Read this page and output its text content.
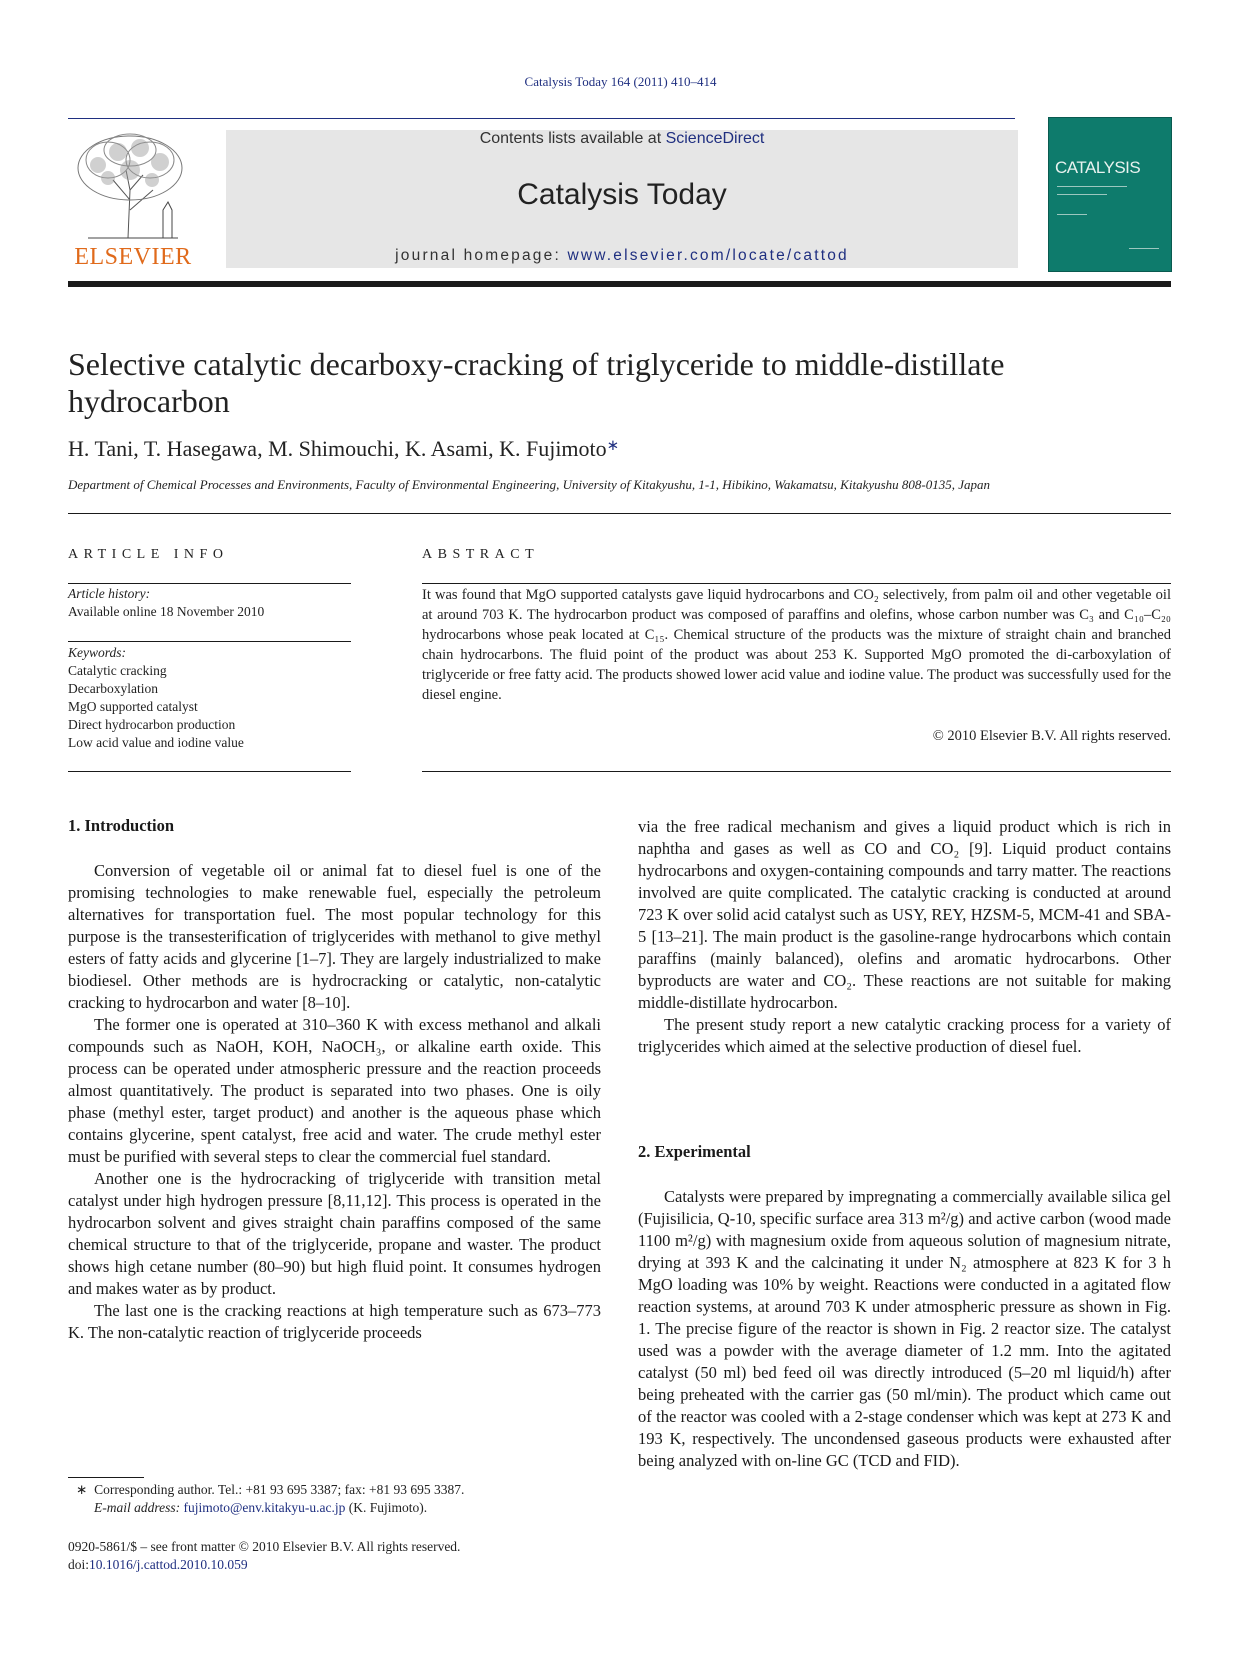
Catalysis Today 164 (2011) 410–414
ELSEVIER
Contents lists available at ScienceDirect
Catalysis Today
journal homepage: www.elsevier.com/locate/cattod
CATALYSIS
Selective catalytic decarboxy-cracking of triglyceride to middle-distillate hydrocarbon
H. Tani, T. Hasegawa, M. Shimouchi, K. Asami, K. Fujimoto∗
Department of Chemical Processes and Environments, Faculty of Environmental Engineering, University of Kitakyushu, 1-1, Hibikino, Wakamatsu, Kitakyushu 808-0135, Japan
ARTICLE INFO	ABSTRACT
Article history:
Available online 18 November 2010
Keywords:
Catalytic cracking
Decarboxylation
MgO supported catalyst
Direct hydrocarbon production
Low acid value and iodine value
It was found that MgO supported catalysts gave liquid hydrocarbons and CO₂ selectively, from palm oil and other vegetable oil at around 703 K. The hydrocarbon product was composed of paraffins and olefins, whose carbon number was C₃ and C₁₀–C₂₀ hydrocarbons whose peak located at C₁₅. Chemical structure of the products was the mixture of straight chain and branched chain hydrocarbons. The fluid point of the product was about 253 K. Supported MgO promoted the di-carboxylation of triglyceride or free fatty acid. The products showed lower acid value and iodine value. The product was successfully used for the diesel engine.
© 2010 Elsevier B.V. All rights reserved.
1. Introduction

Conversion of vegetable oil or animal fat to diesel fuel is one of the promising technologies to make renewable fuel, especially the petroleum alternatives for transportation fuel. The most popular technology for this purpose is the transesterification of triglycerides with methanol to give methyl esters of fatty acids and glycerine [1–7]. They are largely industrialized to make biodiesel. Other methods are is hydrocracking or catalytic, non-catalytic cracking to hydrocarbon and water [8–10].

The former one is operated at 310–360 K with excess methanol and alkali compounds such as NaOH, KOH, NaOCH₃, or alkaline earth oxide. This process can be operated under atmospheric pressure and the reaction proceeds almost quantitatively. The product is separated into two phases. One is oily phase (methyl ester, target product) and another is the aqueous phase which contains glycerine, spent catalyst, free acid and water. The crude methyl ester must be purified with several steps to clear the commercial fuel standard.

Another one is the hydrocracking of triglyceride with transition metal catalyst under high hydrogen pressure [8,11,12]. This process is operated in the hydrocarbon solvent and gives straight chain paraffins composed of the same chemical structure to that of the triglyceride, propane and waster. The product shows high cetane number (80–90) but high fluid point. It consumes hydrogen and makes water as by product.

The last one is the cracking reactions at high temperature such as 673–773 K. The non-catalytic reaction of triglyceride proceeds

via the free radical mechanism and gives a liquid product which is rich in naphtha and gases as well as CO and CO₂ [9]. Liquid product contains hydrocarbons and oxygen-containing compounds and tarry matter. The reactions involved are quite complicated. The catalytic cracking is conducted at around 723 K over solid acid catalyst such as USY, REY, HZSM-5, MCM-41 and SBA-5 [13–21]. The main product is the gasoline-range hydrocarbons which contain paraffins (mainly balanced), olefins and aromatic hydrocarbons. Other byproducts are water and CO₂. These reactions are not suitable for making middle-distillate hydrocarbon.

The present study report a new catalytic cracking process for a variety of triglycerides which aimed at the selective production of diesel fuel.

2. Experimental

Catalysts were prepared by impregnating a commercially available silica gel (Fujisilicia, Q-10, specific surface area 313 m²/g) and active carbon (wood made 1100 m²/g) with magnesium oxide from aqueous solution of magnesium nitrate, drying at 393 K and the calcinating it under N₂ atmosphere at 823 K for 3 h MgO loading was 10% by weight. Reactions were conducted in a agitated flow reaction systems, at around 703 K under atmospheric pressure as shown in Fig. 1. The precise figure of the reactor is shown in Fig. 2 reactor size. The catalyst used was a powder with the average diameter of 1.2 mm. Into the agitated catalyst (50 ml) bed feed oil was directly introduced (5–20 ml liquid/h) after being preheated with the carrier gas (50 ml/min). The product which came out of the reactor was cooled with a 2-stage condenser which was kept at 273 K and 193 K, respectively. The uncondensed gaseous products were exhausted after being analyzed with on-line GC (TCD and FID).

∗ Corresponding author. Tel.: +81 93 695 3387; fax: +81 93 695 3387.
E-mail address: fujimoto@env.kitakyu-u.ac.jp (K. Fujimoto).
0920-5861/$ – see front matter © 2010 Elsevier B.V. All rights reserved.
doi:10.1016/j.cattod.2010.10.059
